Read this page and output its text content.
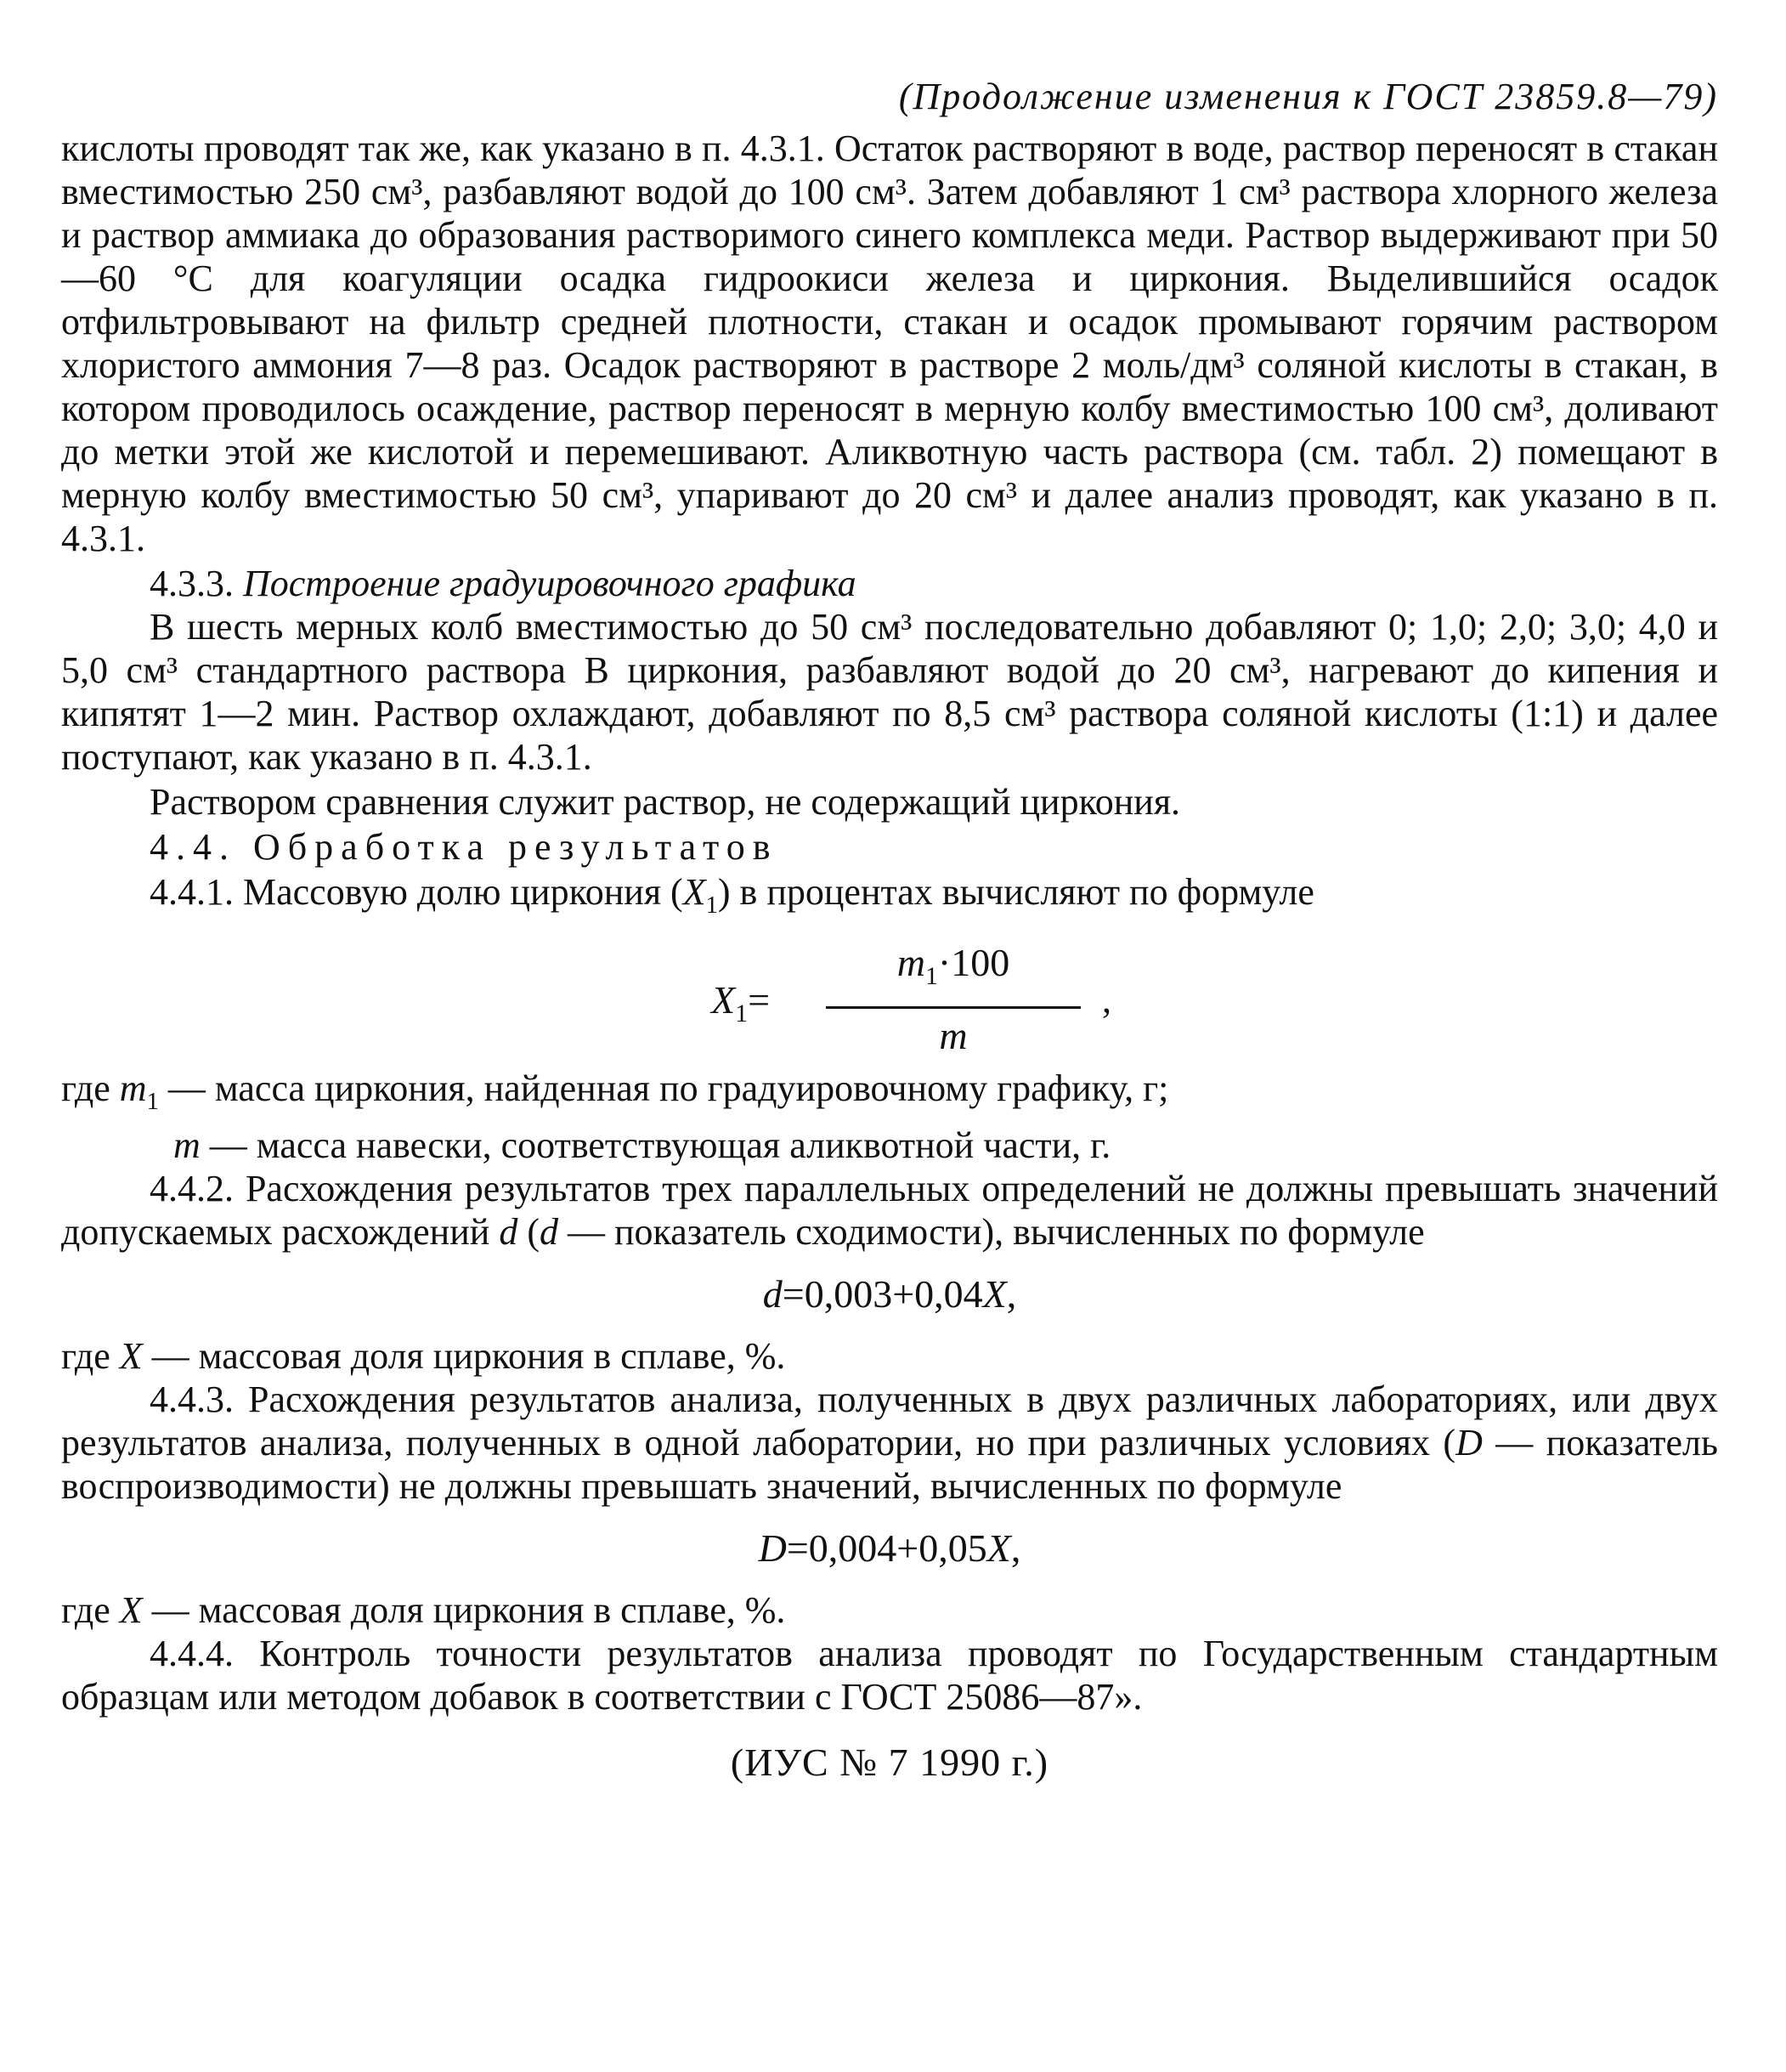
(Продолжение изменения к ГОСТ 23859.8—79)
кислоты проводят так же, как указано в п. 4.3.1. Остаток растворяют в воде, раствор переносят в стакан вместимостью 250 см³, разбавляют водой до 100 см³. Затем добавляют 1 см³ раствора хлорного железа и раствор аммиака до образования растворимого синего комплекса меди. Раствор выдерживают при 50—60 °С для коагуляции осадка гидроокиси железа и циркония. Выделившийся осадок отфильтровывают на фильтр средней плотности, стакан и осадок промывают горячим раствором хлористого аммония 7—8 раз. Осадок растворяют в растворе 2 моль/дм³ соляной кислоты в стакан, в котором проводилось осаждение, раствор переносят в мерную колбу вместимостью 100 см³, доливают до метки этой же кислотой и перемешивают. Аликвотную часть раствора (см. табл. 2) помещают в мерную колбу вместимостью 50 см³, упаривают до 20 см³ и далее анализ проводят, как указано в п. 4.3.1.
4.3.3. Построение градуировочного графика
В шесть мерных колб вместимостью до 50 см³ последовательно добавляют 0; 1,0; 2,0; 3,0; 4,0 и 5,0 см³ стандартного раствора В циркония, разбавляют водой до 20 см³, нагревают до кипения и кипятят 1—2 мин. Раствор охлаждают, добавляют по 8,5 см³ раствора соляной кислоты (1:1) и далее поступают, как указано в п. 4.3.1.
Раствором сравнения служит раствор, не содержащий циркония.
4.4. Обработка результатов
4.4.1. Массовую долю циркония $(X_1)$ в процентах вычисляют по формуле
$X_1=$
$m_1\cdot 100$
m
,
где $m_1$ — масса циркония, найденная по градуировочному графику, г;
m — масса навески, соответствующая аликвотной части, г.
4.4.2. Расхождения результатов трех параллельных определений не должны превышать значений допускаемых расхождений d (d — показатель сходимости), вычисленных по формуле
d=0,003+0,04X,
где X — массовая доля циркония в сплаве, %.
4.4.3. Расхождения результатов анализа, полученных в двух различных лабораториях, или двух результатов анализа, полученных в одной лаборатории, но при различных условиях (D — показатель воспроизводимости) не должны превышать значений, вычисленных по формуле
D=0,004+0,05X,
где X — массовая доля циркония в сплаве, %.
4.4.4. Контроль точности результатов анализа проводят по Государственным стандартным образцам или методом добавок в соответствии с ГОСТ 25086—87».
(ИУС № 7 1990 г.)
